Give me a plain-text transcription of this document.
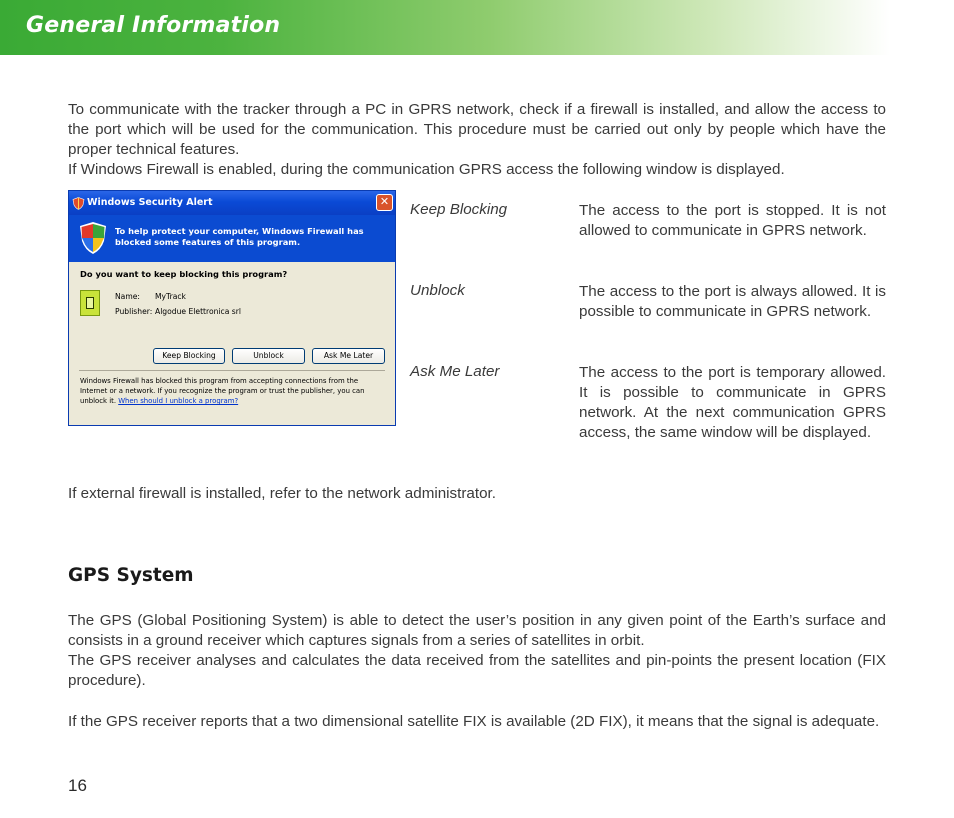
General Information

To communicate with the tracker through a PC in GPRS network, check if a firewall is installed, and allow the access to the port which will be used for the communication. This procedure must be carried out only by people which have the proper technical features.

If Windows Firewall is enabled, during the communication GPRS access the following window is displayed.

Windows Security Alert	✕
To help protect your computer, Windows Firewall has blocked some features of this program.
Do you want to keep blocking this program?
Name: MyTrack
Publisher: Algodue Elettronica srl
Keep Blocking	Unblock	Ask Me Later
Windows Firewall has blocked this program from accepting connections from the Internet or a network. If you recognize the program or trust the publisher, you can unblock it. When should I unblock a program?
Keep Blocking	The access to the port is stopped. It is not allowed to communicate in GPRS network.

Unblock	The access to the port is always allowed. It is possible to communicate in GPRS network.

Ask Me Later	The access to the port is temporary allowed. It is possible to communicate in GPRS network. At the next communication GPRS access, the same window will be displayed.

If external firewall is installed, refer to the network administrator.

GPS System

The GPS (Global Positioning System) is able to detect the user’s position in any given point of the Earth’s surface and consists in a ground receiver which captures signals from a series of satellites in orbit.

The GPS receiver analyses and calculates the data received from the satellites and pin-points the present location (FIX procedure).

If the GPS receiver reports that a two dimensional satellite FIX is available (2D FIX), it means that the signal is adequate.

16
